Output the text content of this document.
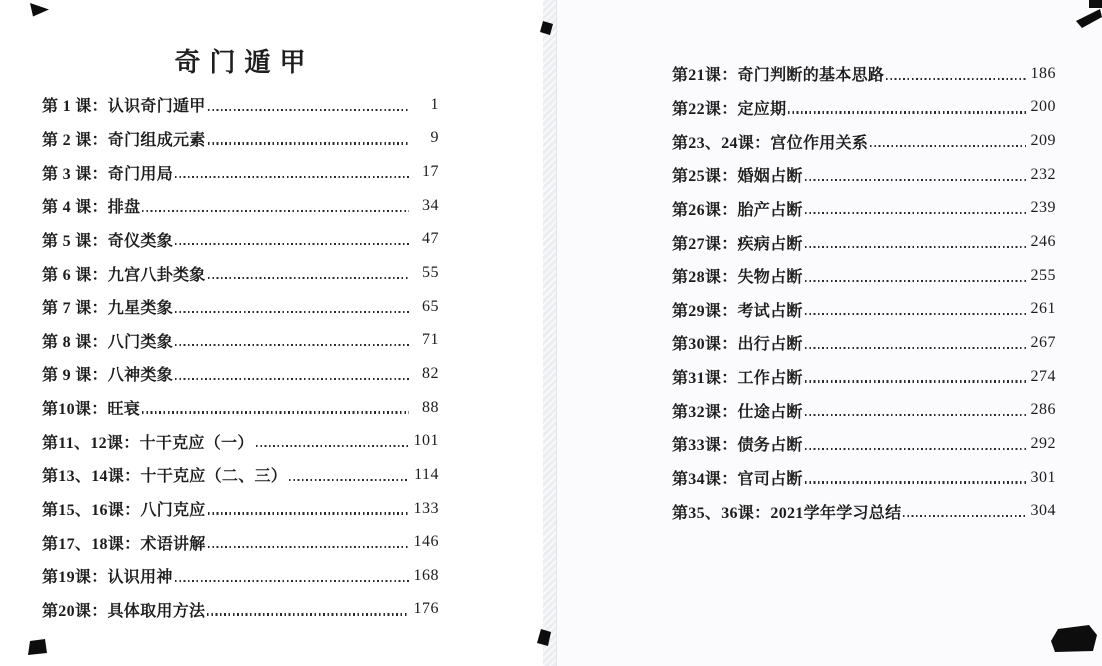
奇门遁甲
第 1 课：认识奇门遁甲	1
第 2 课：奇门组成元素	9
第 3 课：奇门用局	17
第 4 课：排盘	34
第 5 课：奇仪类象	47
第 6 课：九宫八卦类象	55
第 7 课：九星类象	65
第 8 课：八门类象	71
第 9 课：八神类象	82
第10课：旺衰	88
第11、12课：十干克应（一）	101
第13、14课：十干克应（二、三）	114
第15、16课：八门克应	133
第17、18课：术语讲解	146
第19课：认识用神	168
第20课：具体取用方法	176
第21课：奇门判断的基本思路	186
第22课：定应期	200
第23、24课：宫位作用关系	209
第25课：婚姻占断	232
第26课：胎产占断	239
第27课：疾病占断	246
第28课：失物占断	255
第29课：考试占断	261
第30课：出行占断	267
第31课：工作占断	274
第32课：仕途占断	286
第33课：债务占断	292
第34课：官司占断	301
第35、36课：2021学年学习总结	304
